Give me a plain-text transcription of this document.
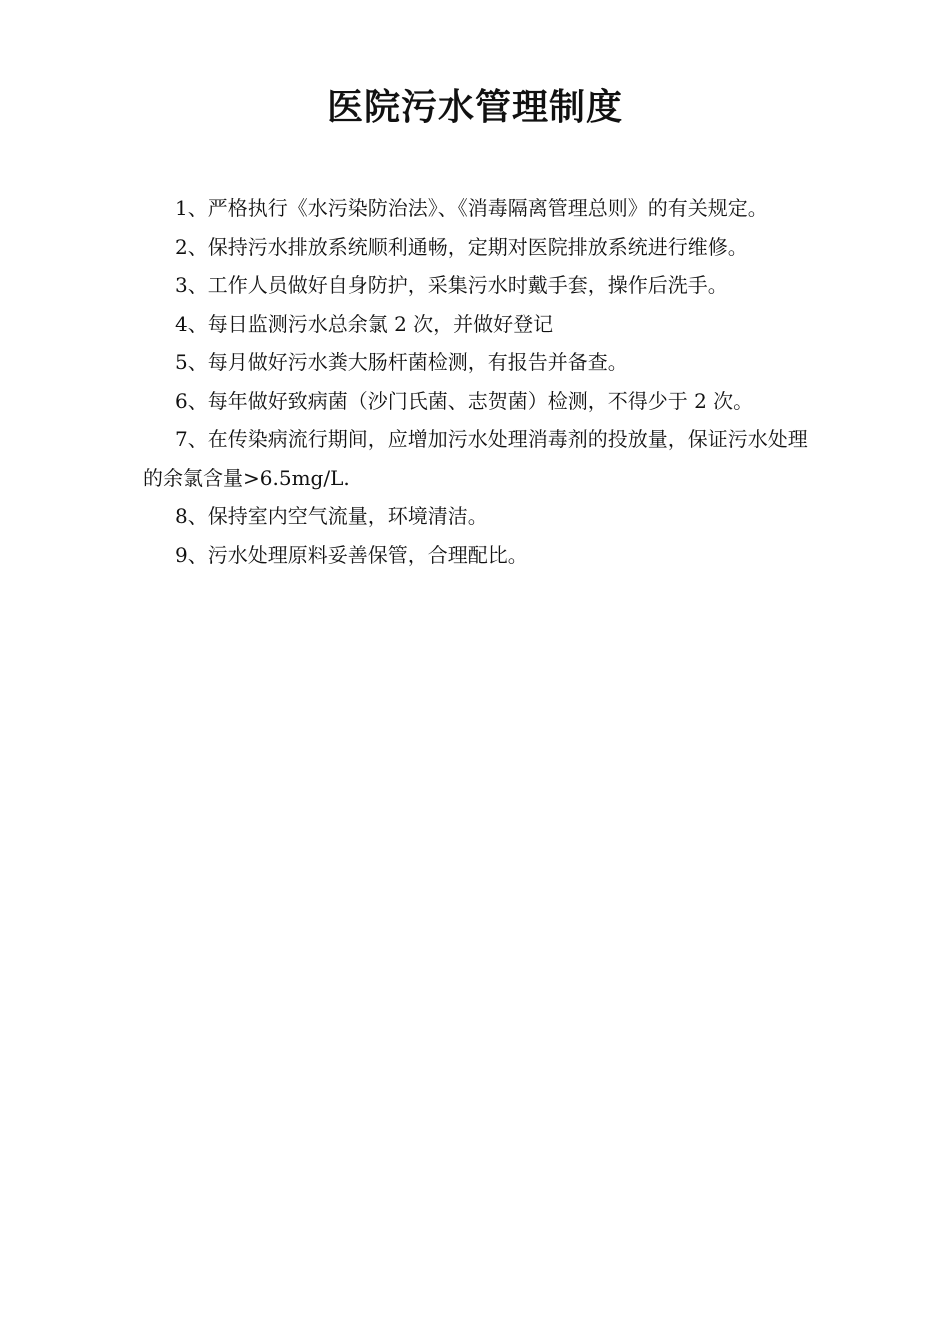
医院污水管理制度

1、严格执行《水污染防治法》、《消毒隔离管理总则》的有关规定。

2、保持污水排放系统顺利通畅，定期对医院排放系统进行维修。

3、工作人员做好自身防护，采集污水时戴手套，操作后洗手。

4、每日监测污水总余氯 2 次，并做好登记

5、每月做好污水粪大肠杆菌检测，有报告并备查。

6、每年做好致病菌（沙门氏菌、志贺菌）检测，不得少于 2 次。

7、在传染病流行期间，应增加污水处理消毒剂的投放量，保证污水处理的余氯含量>6.5mg/L.

8、保持室内空气流量，环境清洁。

9、污水处理原料妥善保管，合理配比。
